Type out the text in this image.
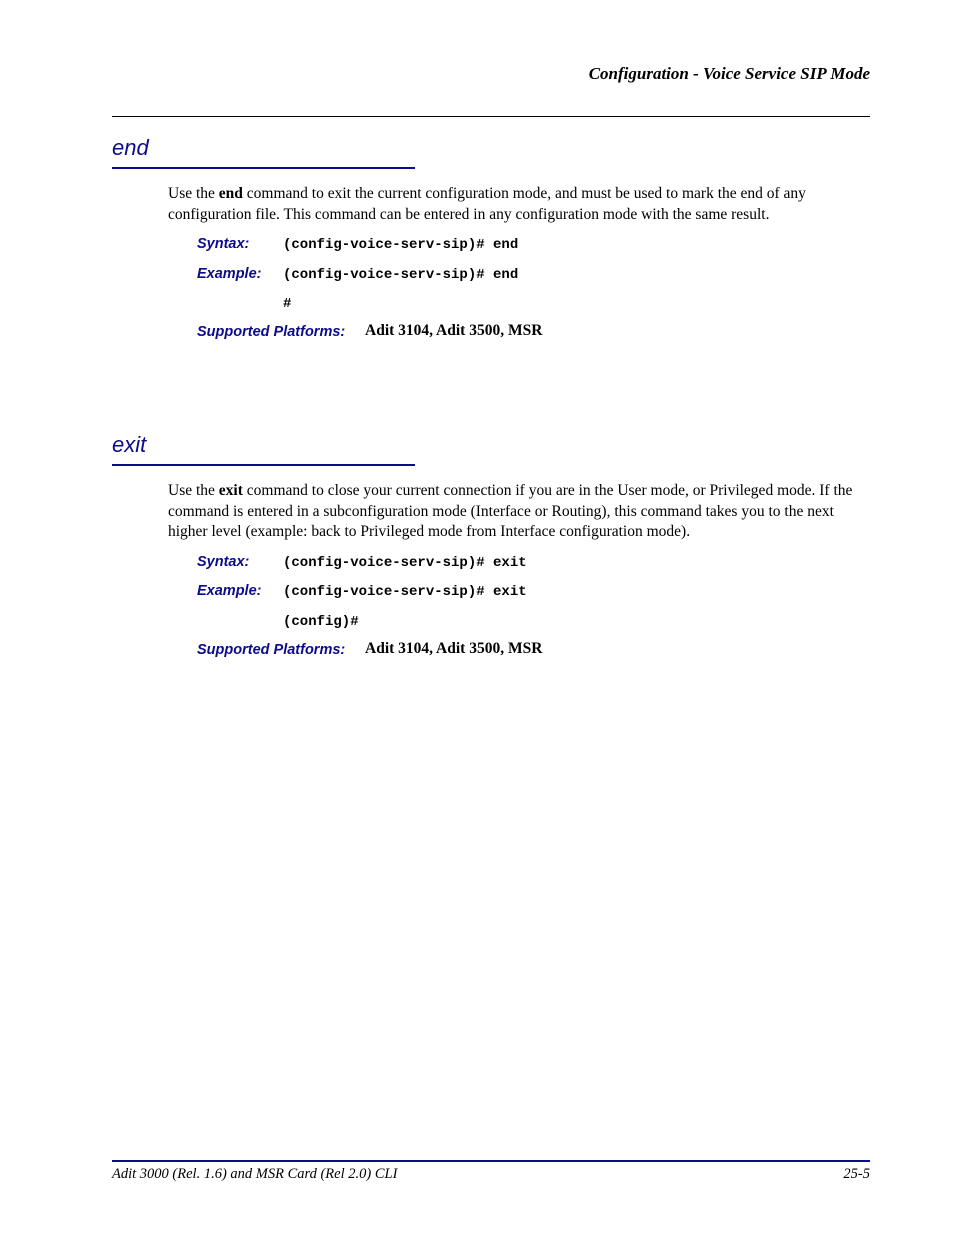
Configuration - Voice Service SIP Mode
end

Use the end command to exit the current configuration mode, and must be used to mark the end of any configuration file. This command can be entered in any configuration mode with the same result.

Syntax: (config-voice-serv-sip)# end
Example: (config-voice-serv-sip)# end
#
Supported Platforms: Adit 3104, Adit 3500, MSR
exit

Use the exit command to close your current connection if you are in the User mode, or Privileged mode. If the command is entered in a subconfiguration mode (Interface or Routing), this command takes you to the next higher level (example: back to Privileged mode from Interface configuration mode).

Syntax: (config-voice-serv-sip)# exit
Example: (config-voice-serv-sip)# exit
(config)#
Supported Platforms: Adit 3104, Adit 3500, MSR
Adit 3000 (Rel. 1.6) and MSR Card (Rel 2.0) CLI	25-5
